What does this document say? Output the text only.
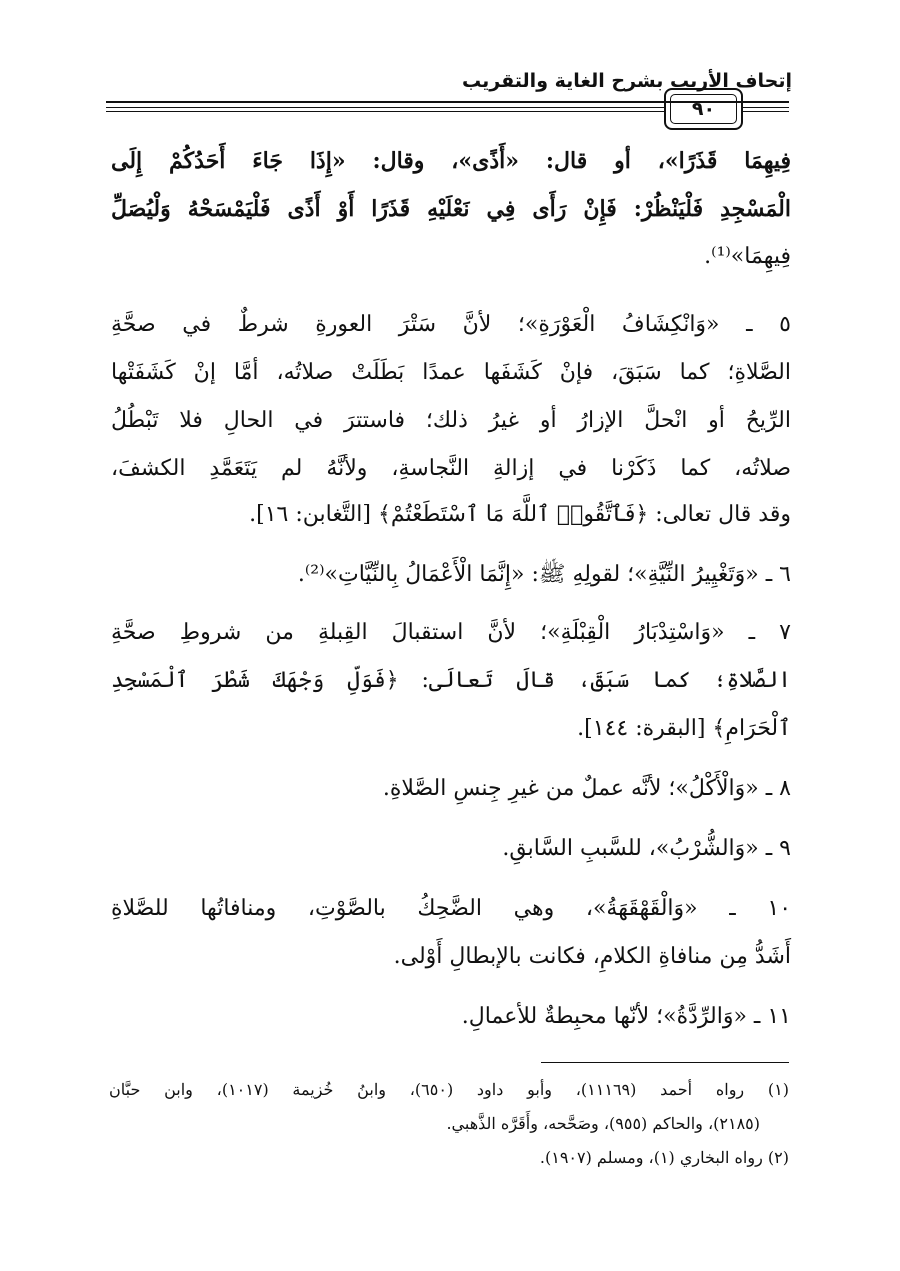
إتحاف الأريب بشرح الغاية والتقريب
٩٠
فِيهِمَا قَذَرًا»، أو قال: «أَذًى»، وقال: «إِذَا جَاءَ أَحَدُكُمْ إِلَى
الْمَسْجِدِ فَلْيَنْظُرْ: فَإِنْ رَأَى فِي نَعْلَيْهِ قَذَرًا أَوْ أَذًى فَلْيَمْسَحْهُ وَلْيُصَلِّ
فِيهِمَا»⁽¹⁾.
٥ ـ «وَانْكِشَافُ الْعَوْرَةِ»؛ لأنَّ سَتْرَ العورةِ شرطٌ في صحَّةِ
الصَّلاةِ؛ كما سَبَقَ، فإنْ كَشَفَها عمدًا بَطَلَتْ صلاتُه، أمَّا إنْ كَشَفَتْها
الرِّيحُ أو انْحلَّ الإزارُ أو غيرُ ذلك؛ فاستترَ في الحالِ فلا تَبْطُلُ
صلاتُه، كما ذَكَرْنا في إزالةِ النَّجاسةِ، ولأنَّهُ لم يَتَعَمَّدِ الكشفَ،
وقد قال تعالى: ﴿فَٱتَّقُوا۟ ٱللَّهَ مَا ٱسْتَطَعْتُمْ﴾ [التَّغابن: ١٦].
٦ ـ «وَتَغْيِيرُ النِّيَّةِ»؛ لقولِهِ ﷺ: «إِنَّمَا الْأَعْمَالُ بِالنِّيَّاتِ»⁽²⁾.
٧ ـ «وَاسْتِدْبَارُ الْقِبْلَةِ»؛ لأنَّ استقبالَ القِبلةِ من شروطِ صحَّةِ
الصَّلاةِ؛ كما سَبَقَ، قالَ تَعالَى: ﴿فَوَلِّ وَجْهَكَ شَطْرَ ٱلْمَسْجِدِ
ٱلْحَرَامِ﴾ [البقرة: ١٤٤].
٨ ـ «وَالْأَكْلُ»؛ لأنَّه عملٌ من غيرِ جِنسِ الصَّلاةِ.
٩ ـ «وَالشُّرْبُ»، للسَّببِ السَّابقِ.
١٠ ـ «وَالْقَهْقَهَةُ»، وهي الضَّحِكُ بالصَّوْتِ، ومنافاتُها للصَّلاةِ
أَشَدُّ مِن منافاةِ الكلامِ، فكانت بالإبطالِ أَوْلى.
١١ ـ «وَالرِّدَّةُ»؛ لأنّها محبِطةٌ للأعمالِ.
(١) رواه أحمد (١١١٦٩)، وأبو داود (٦٥٠)، وابنُ خُزيمة (١٠١٧)، وابن حبَّان
(٢١٨٥)، والحاكم (٩٥٥)، وصَحَّحه، وأَقَرَّه الذَّهبي.
(٢) رواه البخاري (١)، ومسلم (١٩٠٧).
